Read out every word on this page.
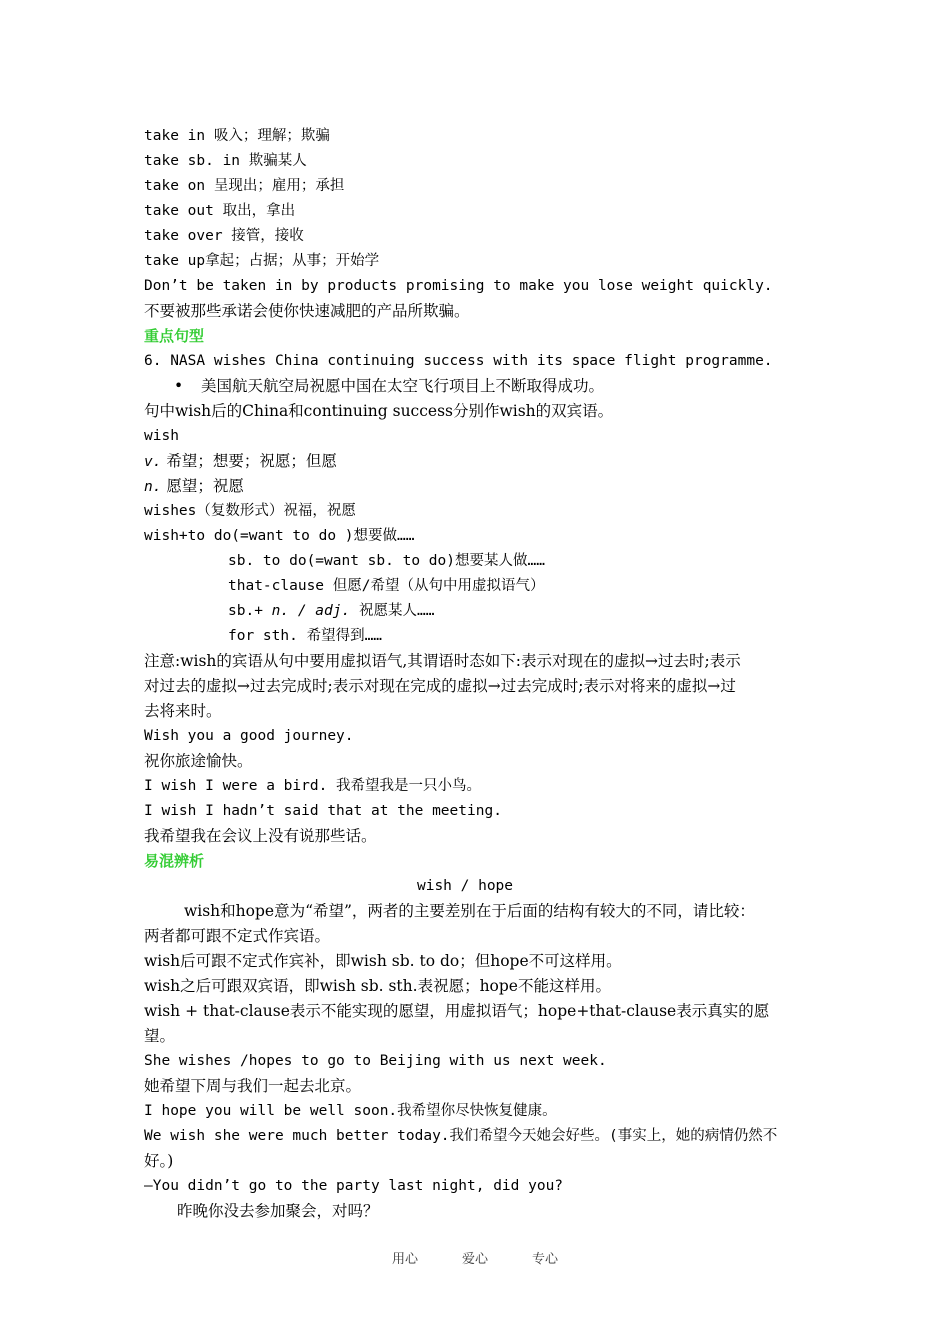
take in 吸入；理解；欺骗
take sb. in 欺骗某人
take on 呈现出；雇用；承担
take out 取出，拿出
take over 接管，接收
take up拿起；占据；从事；开始学
Don’t be taken in by products promising to make you lose weight quickly.
不要被那些承诺会使你快速减肥的产品所欺骗。
重点句型
6. NASA wishes China continuing success with its space flight programme.
• 美国航天航空局祝愿中国在太空飞行项目上不断取得成功。
句中wish后的China和continuing success分别作wish的双宾语。
wish
v. 希望；想要；祝愿；但愿
n. 愿望；祝愿
wishes（复数形式）祝福，祝愿
wish+to do(=want to do )想要做……
sb. to do(=want sb. to do)想要某人做……
that-clause 但愿/希望（从句中用虚拟语气）
sb.+ n. / adj. 祝愿某人……
for sth. 希望得到……
注意:wish的宾语从句中要用虚拟语气,其谓语时态如下:表示对现在的虚拟→过去时;表示
对过去的虚拟→过去完成时;表示对现在完成的虚拟→过去完成时;表示对将来的虚拟→过
去将来时。
Wish you a good journey.
祝你旅途愉快。
I wish I were a bird. 我希望我是一只小鸟。
I wish I hadn’t said that at the meeting.
我希望我在会议上没有说那些话。
易混辨析
wish / hope
wish和hope意为“希望”，两者的主要差别在于后面的结构有较大的不同，请比较：
两者都可跟不定式作宾语。
wish后可跟不定式作宾补，即wish sb. to do；但hope不可这样用。
wish之后可跟双宾语，即wish sb. sth.表祝愿；hope不能这样用。
wish + that-clause表示不能实现的愿望，用虚拟语气；hope+that-clause表示真实的愿
望。
She wishes /hopes to go to Beijing with us next week.
她希望下周与我们一起去北京。
I hope you will be well soon.我希望你尽快恢复健康。
We wish she were much better today.我们希望今天她会好些。(事实上，她的病情仍然不
好。)
—You didn’t go to the party last night, did you?
昨晚你没去参加聚会，对吗？
用心	爱心	专心
